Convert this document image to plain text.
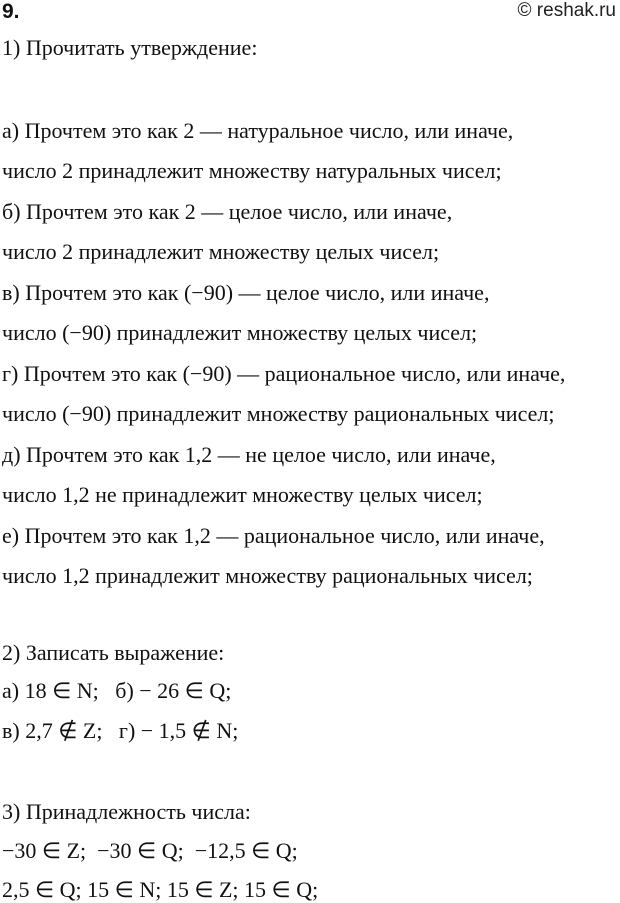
9.	© reshak.ru
1) Прочитать утверждение:
а) Прочтем это как 2 — натуральное число, или иначе,
число 2 принадлежит множеству натуральных чисел;
б) Прочтем это как 2 — целое число, или иначе,
число 2 принадлежит множеству целых чисел;
в) Прочтем это как (−90) — целое число, или иначе,
число (−90) принадлежит множеству целых чисел;
г) Прочтем это как (−90) — рациональное число, или иначе,
число (−90) принадлежит множеству рациональных чисел;
д) Прочтем это как 1,2 — не целое число, или иначе,
число 1,2 не принадлежит множеству целых чисел;
е) Прочтем это как 1,2 — рациональное число, или иначе,
число 1,2 принадлежит множеству рациональных чисел;
2) Записать выражение:
а) 18 ∈ N;   б) − 26 ∈ Q;
в) 2,7 ∉ Z;   г) − 1,5 ∉ N;
3) Принадлежность числа:
−30 ∈ Z;  −30 ∈ Q;  −12,5 ∈ Q;
2,5 ∈ Q; 15 ∈ N; 15 ∈ Z; 15 ∈ Q;
